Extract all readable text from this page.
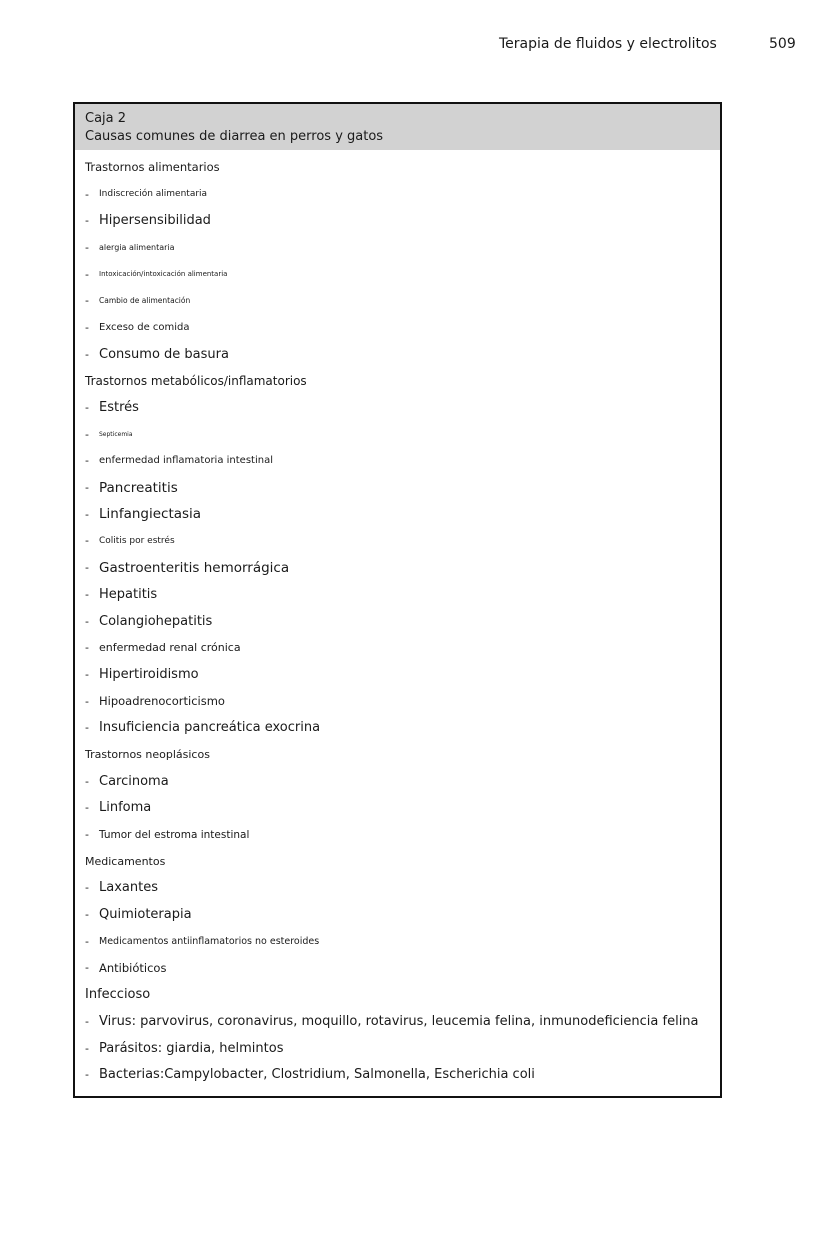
Terapia de fluidos y electrolitos	509
Caja 2
Causas comunes de diarrea en perros y gatos
Trastornos alimentarios
-	Indiscreción alimentaria
- Hipersensibilidad
-	alergia alimentaria
-	Intoxicación/intoxicación alimentaria
-	Cambio de alimentación
-	Exceso de comida
- Consumo de basura
Trastornos metabólicos/inflamatorios
- Estrés
-	Septicemia
-	enfermedad inflamatoria intestinal
- Pancreatitis
- Linfangiectasia
-	Colitis por estrés
- Gastroenteritis hemorrágica
- Hepatitis
- Colangiohepatitis
- enfermedad renal crónica
- Hipertiroidismo
- Hipoadrenocorticismo
- Insuficiencia pancreática exocrina
Trastornos neoplásicos
- Carcinoma
- Linfoma
- Tumor del estroma intestinal
Medicamentos
- Laxantes
- Quimioterapia
-	Medicamentos antiinflamatorios no esteroides
- Antibióticos
Infeccioso
- Virus: parvovirus, coronavirus, moquillo, rotavirus, leucemia felina, inmunodeficiencia felina
- Parásitos: giardia, helmintos
- Bacterias:Campylobacter, Clostridium, Salmonella, Escherichia coli
